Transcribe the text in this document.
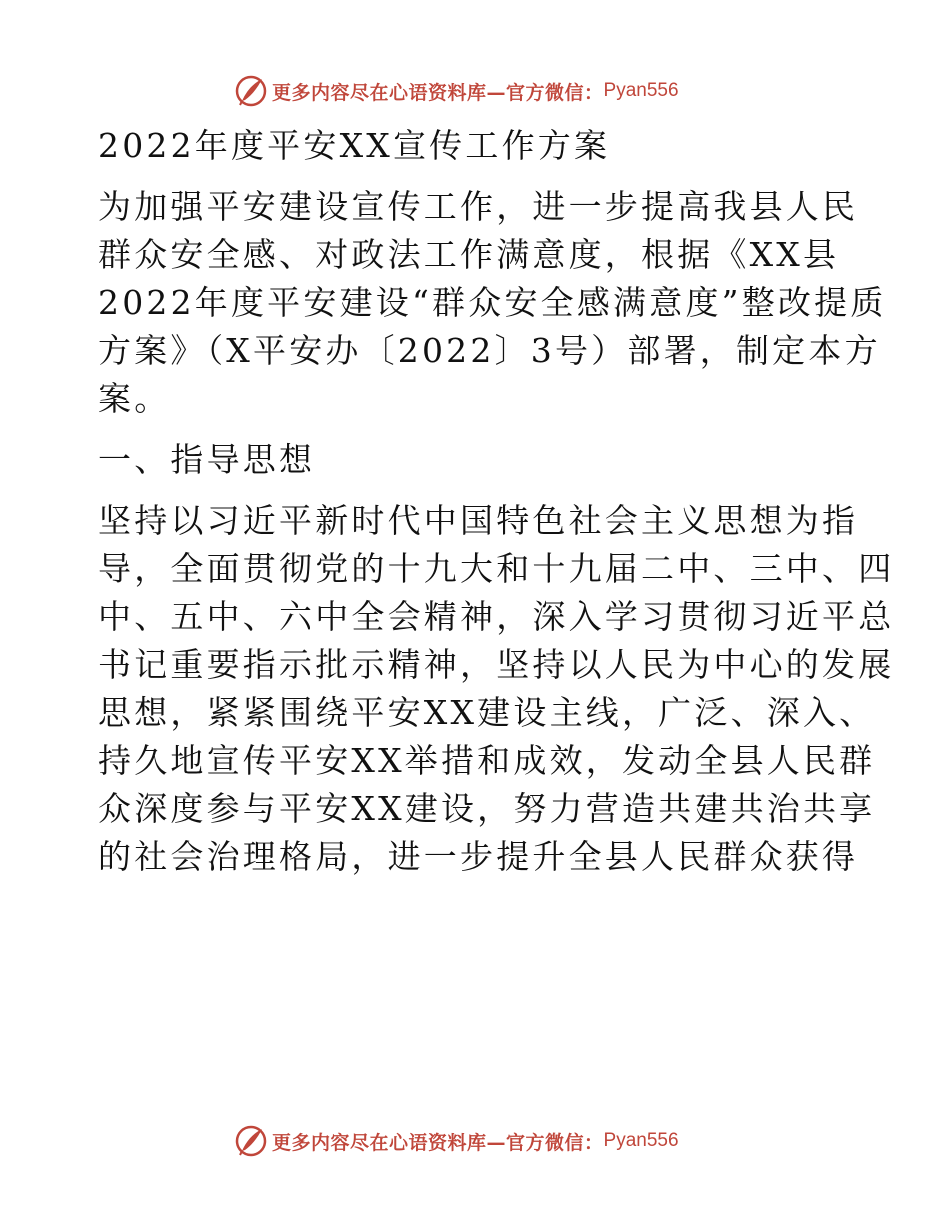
更多内容尽在心语资料库—官方微信： Pyan556
2022年度平安XX宣传工作方案
为加强平安建设宣传工作，进一步提高我县人民
群众安全感、对政法工作满意度，根据《XX县
2022年度平安建设“群众安全感满意度”整改提质
方案》（X平安办〔2022〕3号）部署，制定本方
案。
一、指导思想
坚持以习近平新时代中国特色社会主义思想为指
导，全面贯彻党的十九大和十九届二中、三中、四
中、五中、六中全会精神，深入学习贯彻习近平总
书记重要指示批示精神，坚持以人民为中心的发展
思想，紧紧围绕平安XX建设主线，广泛、深入、
持久地宣传平安XX举措和成效，发动全县人民群
众深度参与平安XX建设，努力营造共建共治共享
的社会治理格局，进一步提升全县人民群众获得
更多内容尽在心语资料库—官方微信： Pyan556
